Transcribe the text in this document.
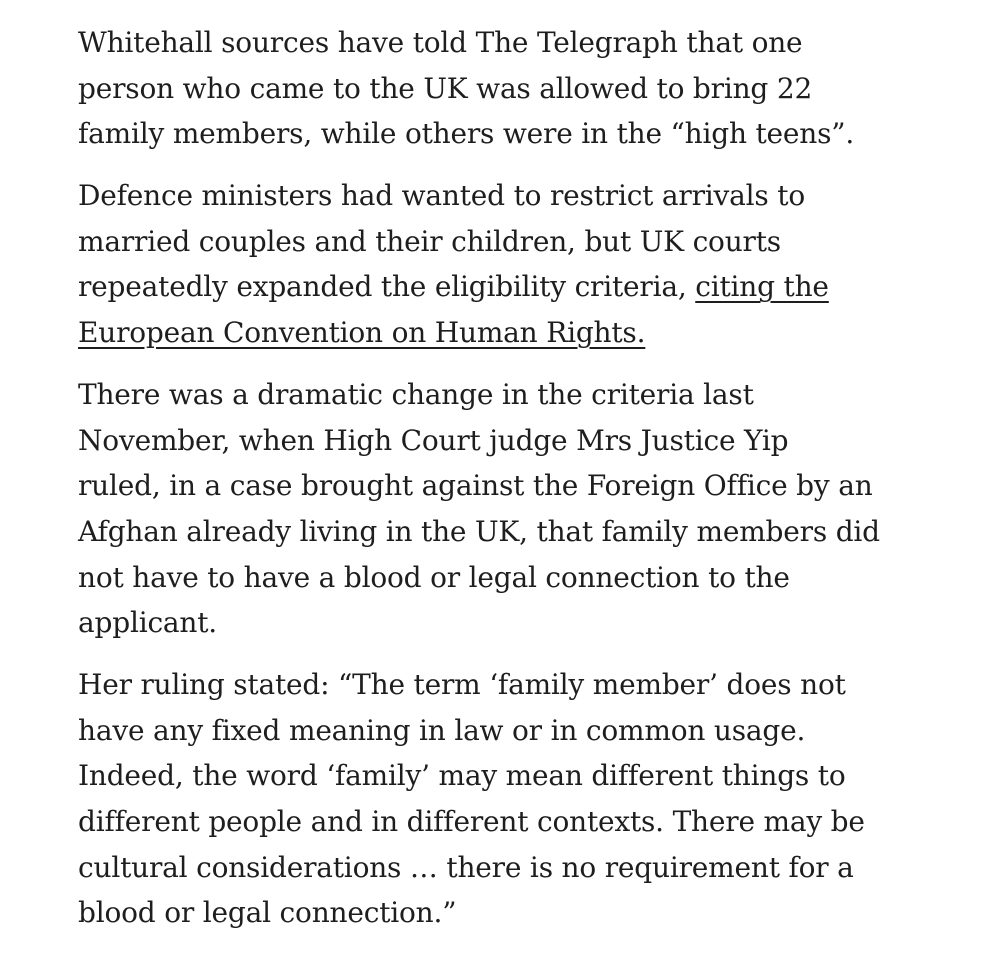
Whitehall sources have told The Telegraph that one
person who came to the UK was allowed to bring 22
family members, while others were in the “high teens”.

Defence ministers had wanted to restrict arrivals to
married couples and their children, but UK courts
repeatedly expanded the eligibility criteria, citing the
European Convention on Human Rights.

There was a dramatic change in the criteria last
November, when High Court judge Mrs Justice Yip
ruled, in a case brought against the Foreign Office by an
Afghan already living in the UK, that family members did
not have to have a blood or legal connection to the
applicant.

Her ruling stated: “The term ‘family member’ does not
have any fixed meaning in law or in common usage.
Indeed, the word ‘family’ may mean different things to
different people and in different contexts. There may be
cultural considerations … there is no requirement for a
blood or legal connection.”
